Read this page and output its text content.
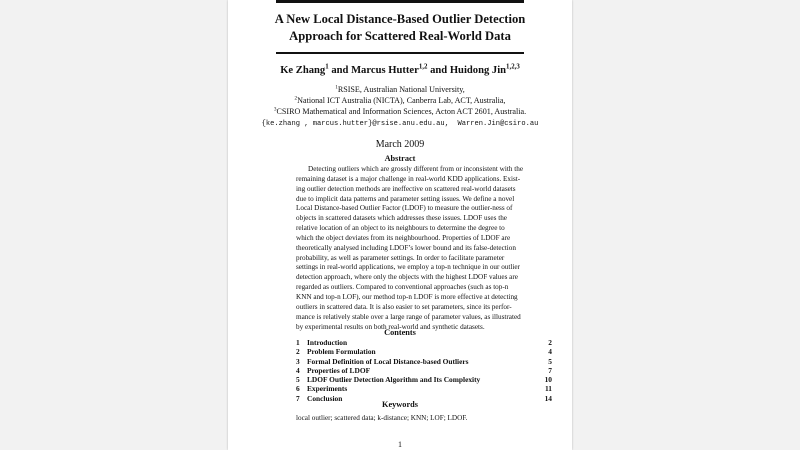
A New Local Distance-Based Outlier Detection
Approach for Scattered Real-World Data
Ke Zhang$^1$ and Marcus Hutter$^{1,2}$ and Huidong Jin$^{1,2,3}$
$^1$RSISE, Australian National University,
$^2$National ICT Australia (NICTA), Canberra Lab, ACT, Australia,
$^3$CSIRO Mathematical and Information Sciences, Acton ACT 2601, Australia.
{ke.zhang , marcus.hutter}@rsise.anu.edu.au,  Warren.Jin@csiro.au
March 2009
Abstract
Detecting outliers which are grossly different from or inconsistent with the
remaining dataset is a major challenge in real-world KDD applications. Exist-
ing outlier detection methods are ineffective on scattered real-world datasets
due to implicit data patterns and parameter setting issues. We define a novel
Local Distance-based Outlier Factor (LDOF) to measure the outlier-ness of
objects in scattered datasets which addresses these issues. LDOF uses the
relative location of an object to its neighbours to determine the degree to
which the object deviates from its neighbourhood. Properties of LDOF are
theoretically analysed including LDOF’s lower bound and its false-detection
probability, as well as parameter settings. In order to facilitate parameter
settings in real-world applications, we employ a top-n technique in our outlier
detection approach, where only the objects with the highest LDOF values are
regarded as outliers. Compared to conventional approaches (such as top-n
KNN and top-n LOF), our method top-n LDOF is more effective at detecting
outliers in scattered data. It is also easier to set parameters, since its perfor-
mance is relatively stable over a large range of parameter values, as illustrated
by experimental results on both real-world and synthetic datasets.
Contents
1 Introduction	2
2 Problem Formulation	4
3 Formal Definition of Local Distance-based Outliers	5
4 Properties of LDOF	7
5 LDOF Outlier Detection Algorithm and Its Complexity	10
6 Experiments	11
7 Conclusion	14
Keywords
local outlier; scattered data; k-distance; KNN; LOF; LDOF.
1
